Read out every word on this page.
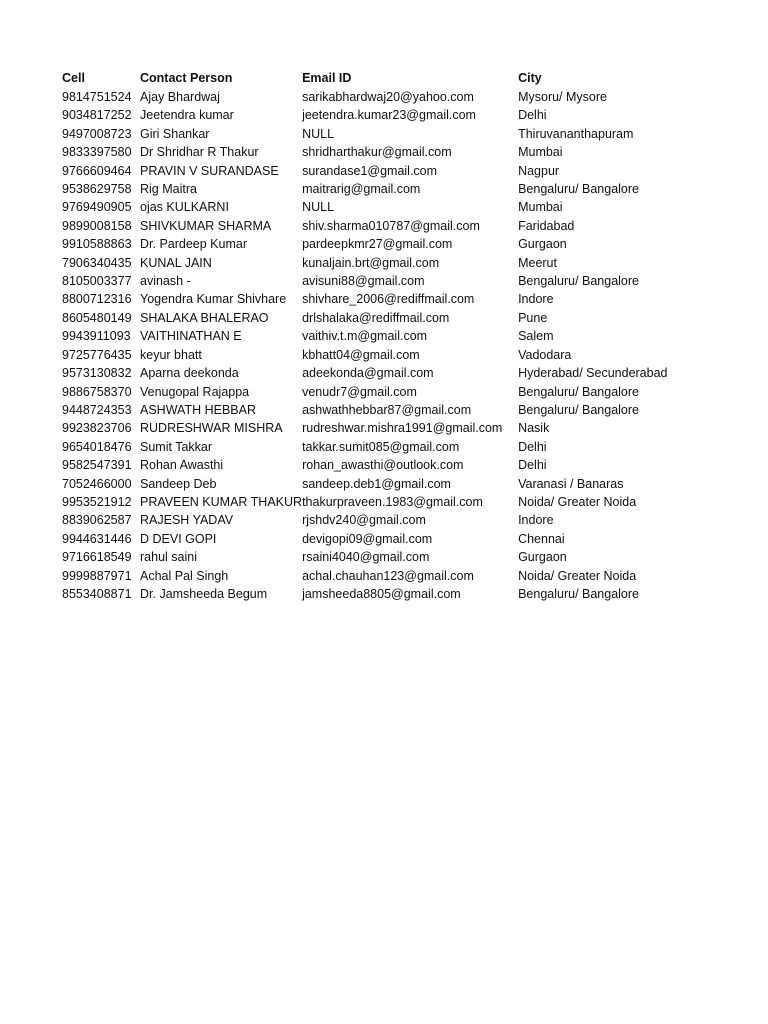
Cell	Contact Person	Email ID	City
9814751524	Ajay Bhardwaj	sarikabhardwaj20@yahoo.com	Mysoru/ Mysore
9034817252	Jeetendra kumar	jeetendra.kumar23@gmail.com	Delhi
9497008723	Giri Shankar	NULL	Thiruvananthapuram
9833397580	Dr Shridhar R Thakur	shridharthakur@gmail.com	Mumbai
9766609464	PRAVIN V SURANDASE	surandase1@gmail.com	Nagpur
9538629758	Rig Maitra	maitrarig@gmail.com	Bengaluru/ Bangalore
9769490905	ojas KULKARNI	NULL	Mumbai
9899008158	SHIVKUMAR SHARMA	shiv.sharma010787@gmail.com	Faridabad
9910588863	Dr. Pardeep Kumar	pardeepkmr27@gmail.com	Gurgaon
7906340435	KUNAL JAIN	kunaljain.brt@gmail.com	Meerut
8105003377	avinash -	avisuni88@gmail.com	Bengaluru/ Bangalore
8800712316	Yogendra Kumar Shivhare	shivhare_2006@rediffmail.com	Indore
8605480149	SHALAKA BHALERAO	drlshalaka@rediffmail.com	Pune
9943911093	VAITHINATHAN E	vaithiv.t.m@gmail.com	Salem
9725776435	keyur bhatt	kbhatt04@gmail.com	Vadodara
9573130832	Aparna deekonda	adeekonda@gmail.com	Hyderabad/ Secunderabad
9886758370	Venugopal Rajappa	venudr7@gmail.com	Bengaluru/ Bangalore
9448724353	ASHWATH HEBBAR	ashwathhebbar87@gmail.com	Bengaluru/ Bangalore
9923823706	RUDRESHWAR MISHRA	rudreshwar.mishra1991@gmail.com	Nasik
9654018476	Sumit Takkar	takkar.sumit085@gmail.com	Delhi
9582547391	Rohan Awasthi	rohan_awasthi@outlook.com	Delhi
7052466000	Sandeep Deb	sandeep.deb1@gmail.com	Varanasi / Banaras
9953521912	PRAVEEN KUMAR THAKUR	thakurpraveen.1983@gmail.com	Noida/ Greater Noida
8839062587	RAJESH YADAV	rjshdv240@gmail.com	Indore
9944631446	D DEVI GOPI	devigopi09@gmail.com	Chennai
9716618549	rahul saini	rsaini4040@gmail.com	Gurgaon
9999887971	Achal Pal Singh	achal.chauhan123@gmail.com	Noida/ Greater Noida
8553408871	Dr. Jamsheeda Begum	jamsheeda8805@gmail.com	Bengaluru/ Bangalore
